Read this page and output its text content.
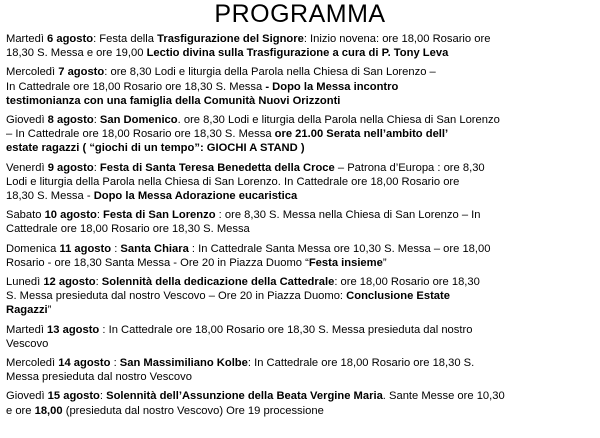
PROGRAMMA
Martedì 6 agosto: Festa della Trasfigurazione del Signore: Inizio novena: ore 18,00 Rosario ore
18,30 S. Messa e ore 19,00 Lectio divina sulla Trasfigurazione a cura di P. Tony Leva
Mercoledì 7 agosto: ore 8,30 Lodi e liturgia della Parola nella Chiesa di San Lorenzo –
In Cattedrale ore 18,00 Rosario ore 18,30 S. Messa - Dopo la Messa incontro
testimonianza con una famiglia della Comunità Nuovi Orizzonti
Giovedì 8 agosto: San Domenico. ore 8,30 Lodi e liturgia della Parola nella Chiesa di San Lorenzo
– In Cattedrale ore 18,00 Rosario ore 18,30 S. Messa ore 21.00 Serata nell’ambito dell’
estate ragazzi ( “giochi di un tempo”: GIOCHI A STAND )
Venerdì 9 agosto: Festa di Santa Teresa Benedetta della Croce – Patrona d’Europa : ore 8,30
Lodi e liturgia della Parola nella Chiesa di San Lorenzo. In Cattedrale ore 18,00 Rosario ore
18,30 S. Messa - Dopo la Messa Adorazione eucaristica
Sabato 10 agosto: Festa di San Lorenzo : ore 8,30 S. Messa nella Chiesa di San Lorenzo – In
Cattedrale ore 18,00 Rosario ore 18,30 S. Messa
Domenica 11 agosto : Santa Chiara : In Cattedrale Santa Messa ore 10,30 S. Messa – ore 18,00
Rosario - ore 18,30 Santa Messa - Ore 20 in Piazza Duomo “Festa insieme”
Lunedì 12 agosto: Solennità della dedicazione della Cattedrale: ore 18,00 Rosario ore 18,30
S. Messa presieduta dal nostro Vescovo – Ore 20 in Piazza Duomo: Conclusione Estate
Ragazzi”
Martedì 13 agosto : In Cattedrale ore 18,00 Rosario ore 18,30 S. Messa presieduta dal nostro
Vescovo
Mercoledì 14 agosto : San Massimiliano Kolbe: In Cattedrale ore 18,00 Rosario ore 18,30 S.
Messa presieduta dal nostro Vescovo
Giovedì 15 agosto: Solennità dell’Assunzione della Beata Vergine Maria. Sante Messe ore 10,30
e ore 18,00 (presieduta dal nostro Vescovo) Ore 19 processione
